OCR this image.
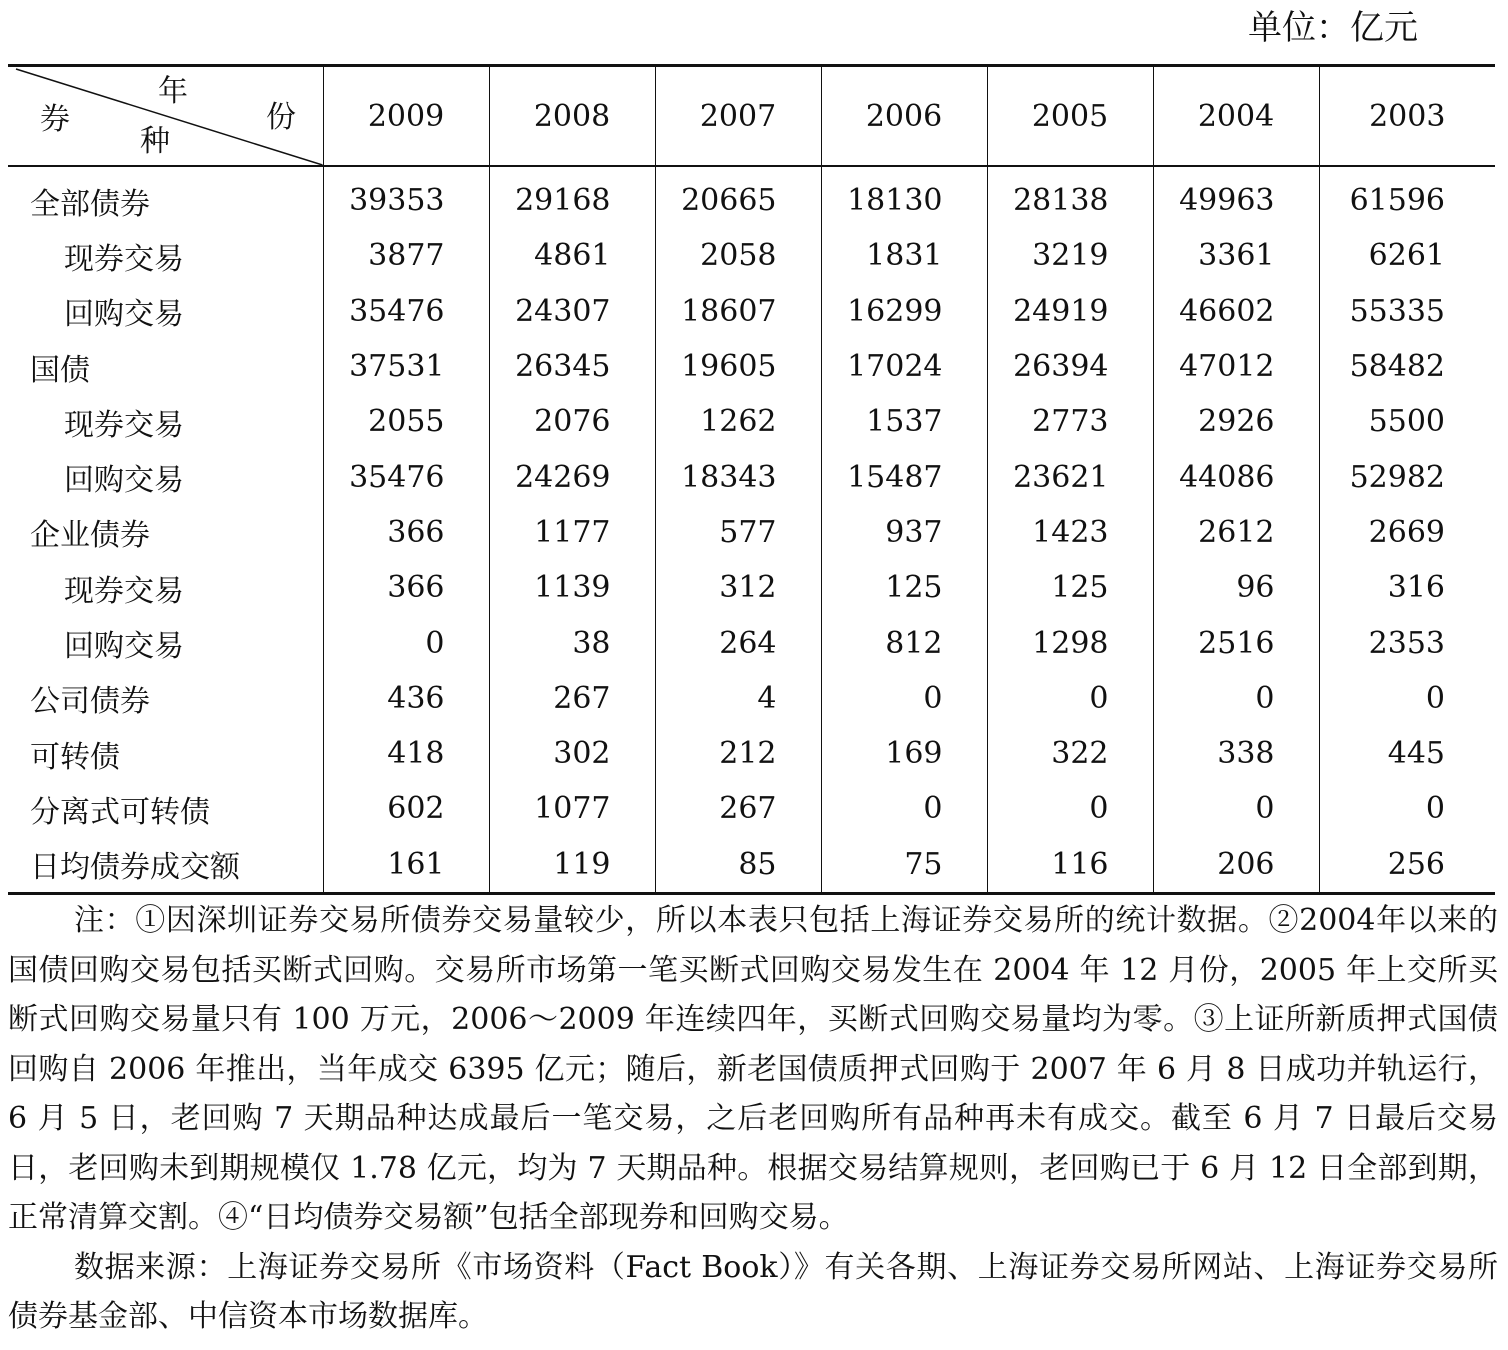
单位：亿元
年
份
券
种	2009	2008	2007	2006	2005	2004	2003
全部债券	39353	29168	20665	18130	28138	49963	61596
现券交易	3877	4861	2058	1831	3219	3361	6261
回购交易	35476	24307	18607	16299	24919	46602	55335
国债	37531	26345	19605	17024	26394	47012	58482
现券交易	2055	2076	1262	1537	2773	2926	5500
回购交易	35476	24269	18343	15487	23621	44086	52982
企业债券	366	1177	577	937	1423	2612	2669
现券交易	366	1139	312	125	125	96	316
回购交易	0	38	264	812	1298	2516	2353
公司债券	436	267	4	0	0	0	0
可转债	418	302	212	169	322	338	445
分离式可转债	602	1077	267	0	0	0	0
日均债券成交额	161	119	85	75	116	206	256

注：①因深圳证券交易所债券交易量较少，所以本表只包括上海证券交易所的统计数据。②2004年以来的国债回购交易包括买断式回购。交易所市场第一笔买断式回购交易发生在 2004 年 12 月份，2005 年上交所买断式回购交易量只有 100 万元，2006～2009 年连续四年，买断式回购交易量均为零。③上证所新质押式国债回购自 2006 年推出，当年成交 6395 亿元；随后，新老国债质押式回购于 2007 年 6 月 8 日成功并轨运行，6 月 5 日，老回购 7 天期品种达成最后一笔交易，之后老回购所有品种再未有成交。截至 6 月 7 日最后交易日，老回购未到期规模仅 1.78 亿元，均为 7 天期品种。根据交易结算规则，老回购已于 6 月 12 日全部到期，正常清算交割。④“日均债券交易额”包括全部现券和回购交易。

数据来源：上海证券交易所《市场资料（Fact Book）》有关各期、上海证券交易所网站、上海证券交易所债券基金部、中信资本市场数据库。
